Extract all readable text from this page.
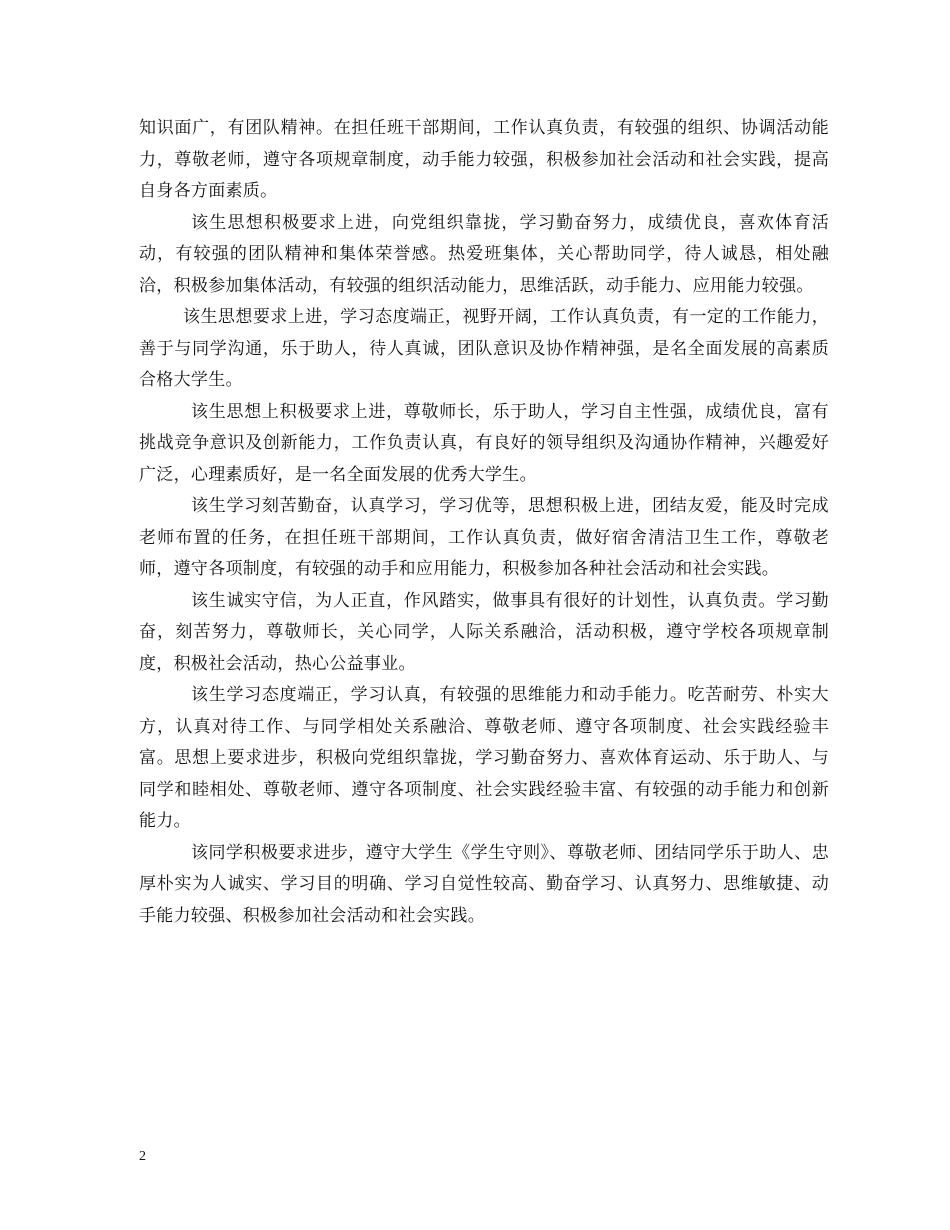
知识面广，有团队精神。在担任班干部期间，工作认真负责，有较强的组织、协调活动能力，尊敬老师，遵守各项规章制度，动手能力较强，积极参加社会活动和社会实践，提高自身各方面素质。

该生思想积极要求上进，向党组织靠拢，学习勤奋努力，成绩优良，喜欢体育活动，有较强的团队精神和集体荣誉感。热爱班集体，关心帮助同学，待人诚恳，相处融洽，积极参加集体活动，有较强的组织活动能力，思维活跃，动手能力、应用能力较强。

该生思想要求上进，学习态度端正，视野开阔，工作认真负责，有一定的工作能力，善于与同学沟通，乐于助人，待人真诚，团队意识及协作精神强，是名全面发展的高素质合格大学生。

该生思想上积极要求上进，尊敬师长，乐于助人，学习自主性强，成绩优良，富有挑战竞争意识及创新能力，工作负责认真，有良好的领导组织及沟通协作精神，兴趣爱好广泛，心理素质好，是一名全面发展的优秀大学生。

该生学习刻苦勤奋，认真学习，学习优等，思想积极上进，团结友爱，能及时完成老师布置的任务，在担任班干部期间，工作认真负责，做好宿舍清洁卫生工作，尊敬老师，遵守各项制度，有较强的动手和应用能力，积极参加各种社会活动和社会实践。

该生诚实守信，为人正直，作风踏实，做事具有很好的计划性，认真负责。学习勤奋，刻苦努力，尊敬师长，关心同学，人际关系融洽，活动积极，遵守学校各项规章制度，积极社会活动，热心公益事业。

该生学习态度端正，学习认真，有较强的思维能力和动手能力。吃苦耐劳、朴实大方，认真对待工作、与同学相处关系融洽、尊敬老师、遵守各项制度、社会实践经验丰富。思想上要求进步，积极向党组织靠拢，学习勤奋努力、喜欢体育运动、乐于助人、与同学和睦相处、尊敬老师、遵守各项制度、社会实践经验丰富、有较强的动手能力和创新能力。

该同学积极要求进步，遵守大学生《学生守则》、尊敬老师、团结同学乐于助人、忠厚朴实为人诚实、学习目的明确、学习自觉性较高、勤奋学习、认真努力、思维敏捷、动手能力较强、积极参加社会活动和社会实践。

2
